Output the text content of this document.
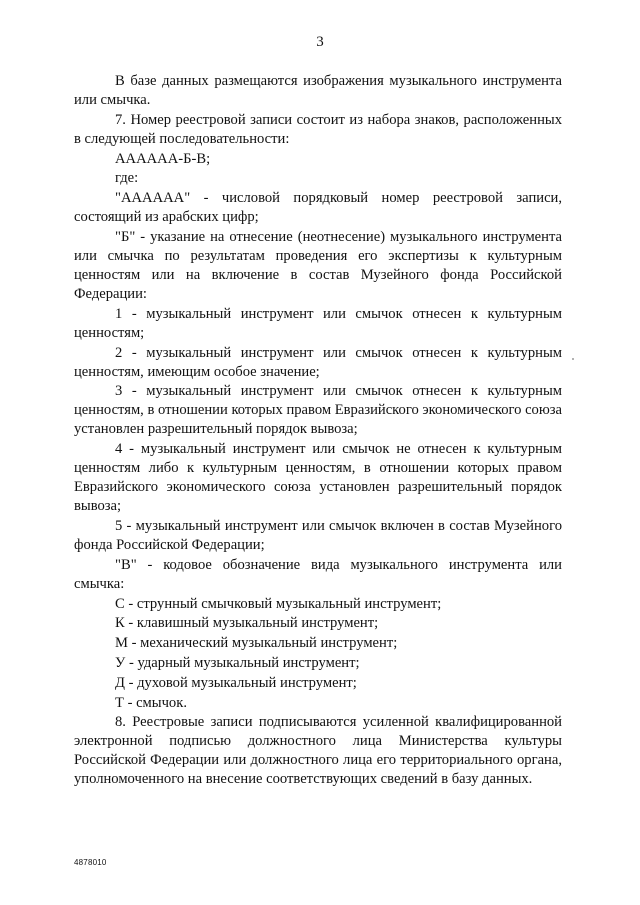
3

В базе данных размещаются изображения музыкального инструмента или смычка.

7. Номер реестровой записи состоит из набора знаков, расположенных в следующей последовательности:

АААААА-Б-В;

где:

"АААААА" - числовой порядковый номер реестровой записи, состоящий из арабских цифр;

"Б" - указание на отнесение (неотнесение) музыкального инструмента или смычка по результатам проведения его экспертизы к культурным ценностям или на включение в состав Музейного фонда Российской Федерации:

1 - музыкальный инструмент или смычок отнесен к культурным ценностям;

2 - музыкальный инструмент или смычок отнесен к культурным ценностям, имеющим особое значение;

3 - музыкальный инструмент или смычок отнесен к культурным ценностям, в отношении которых правом Евразийского экономического союза установлен разрешительный порядок вывоза;

4 - музыкальный инструмент или смычок не отнесен к культурным ценностям либо к культурным ценностям, в отношении которых правом Евразийского экономического союза установлен разрешительный порядок вывоза;

5 - музыкальный инструмент или смычок включен в состав Музейного фонда Российской Федерации;

"В" - кодовое обозначение вида музыкального инструмента или смычка:

С - струнный смычковый музыкальный инструмент;

К - клавишный музыкальный инструмент;

М - механический музыкальный инструмент;

У - ударный музыкальный инструмент;

Д - духовой музыкальный инструмент;

Т - смычок.

8. Реестровые записи подписываются усиленной квалифицированной электронной подписью должностного лица Министерства культуры Российской Федерации или должностного лица его территориального органа, уполномоченного на внесение соответствующих сведений в базу данных.

4878010
